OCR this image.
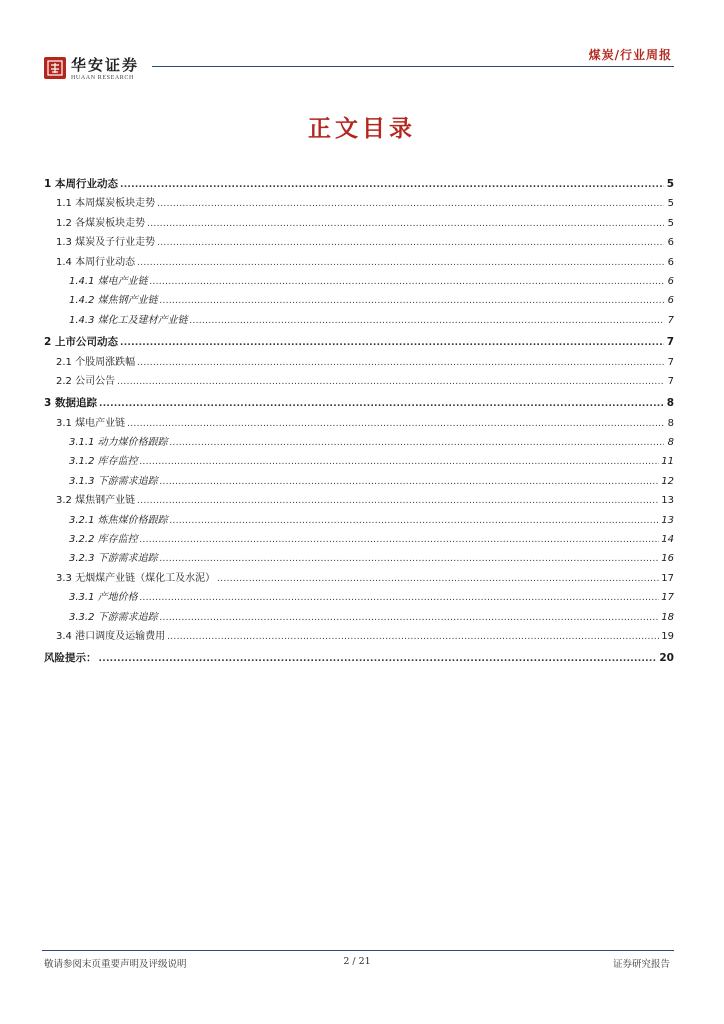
华安证券
HUAAN RESEARCH
煤炭/行业周报
正文目录
1 本周行业动态 .....	5
1.1 本周煤炭板块走势 .....	5
1.2 各煤炭板块走势 .....	5
1.3 煤炭及子行业走势 .....	6
1.4 本周行业动态 .....	6
1.4.1 煤电产业链 .....	6
1.4.2 煤焦钢产业链 .....	6
1.4.3 煤化工及建材产业链 .....	7
2 上市公司动态 .....	7
2.1 个股周涨跌幅 .....	7
2.2 公司公告 .....	7
3 数据追踪 .....	8
3.1 煤电产业链 .....	8
3.1.1 动力煤价格跟踪 .....	8
3.1.2 库存监控 .....	11
3.1.3 下游需求追踪 .....	12
3.2 煤焦钢产业链 .....	13
3.2.1 炼焦煤价格跟踪 .....	13
3.2.2 库存监控 .....	14
3.2.3 下游需求追踪 .....	16
3.3 无烟煤产业链（煤化工及水泥） .....	17
3.3.1 产地价格 .....	17
3.3.2 下游需求追踪 .....	18
3.4 港口调度及运输费用 .....	19
风险提示： .....	20
敬请参阅末页重要声明及评级说明	2 / 21	证券研究报告
